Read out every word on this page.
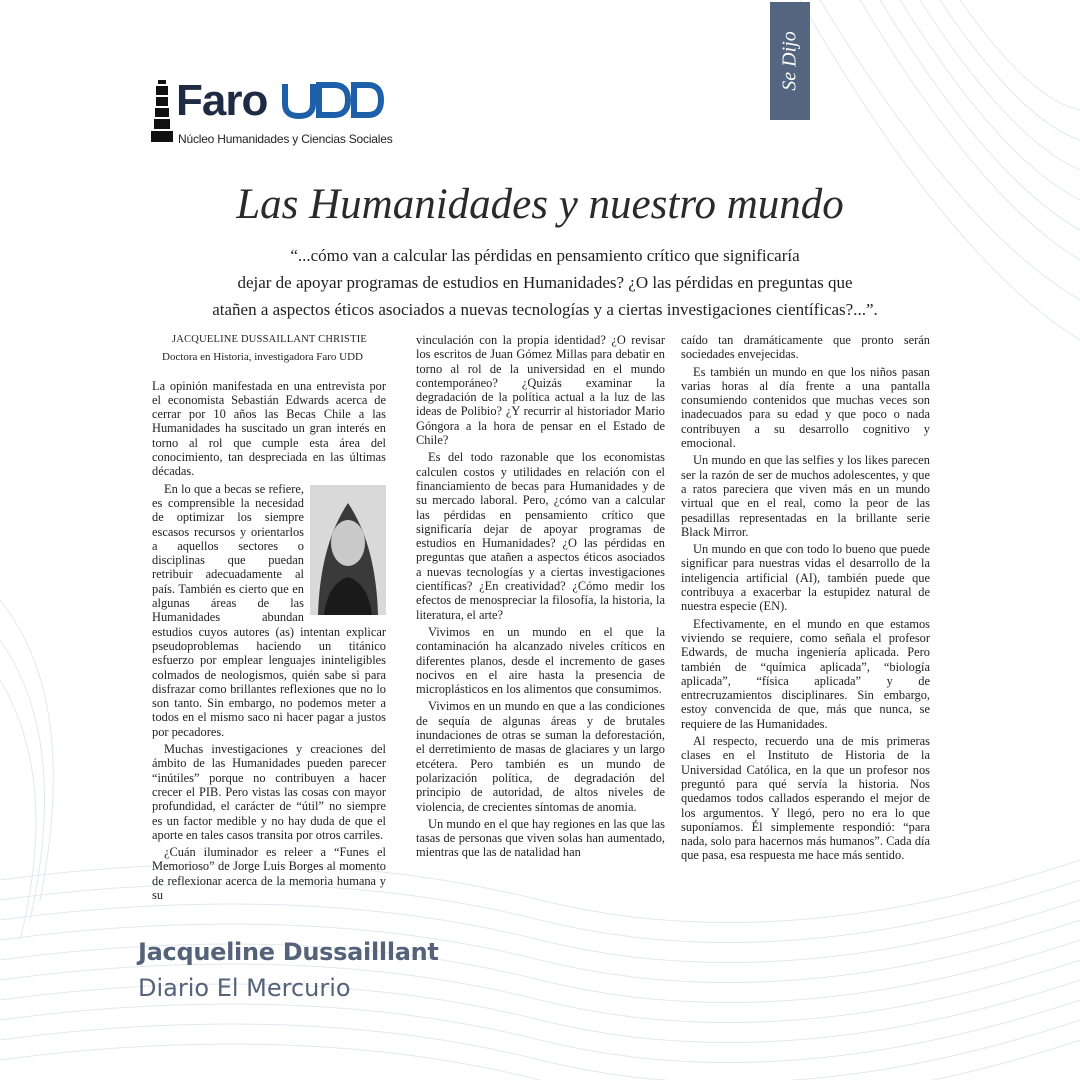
Faro
Núcleo Humanidades y Ciencias Sociales
Se Dijo
Las Humanidades y nuestro mundo
“...cómo van a calcular las pérdidas en pensamiento crítico que significaría
dejar de apoyar programas de estudios en Humanidades? ¿O las pérdidas en preguntas que
atañen a aspectos éticos asociados a nuevas tecnologías y a ciertas investigaciones científicas?...”.
JACQUELINE DUSSAILLANT CHRISTIE
Doctora en Historia, investigadora Faro UDD

La opinión manifestada en una entrevista por el economista Sebastián Edwards acerca de cerrar por 10 años las Becas Chile a las Humanidades ha suscitado un gran interés en torno al rol que cumple esta área del conocimiento, tan despreciada en las últimas décadas.

En lo que a becas se refiere, es comprensible la necesidad de optimizar los siempre escasos recursos y orientarlos a aquellos sectores o disciplinas que puedan retribuir adecuadamente al país. También es cierto que en algunas áreas de las Humanidades abundan estudios cuyos autores (as) intentan explicar pseudoproblemas haciendo un titánico esfuerzo por emplear lenguajes ininteligibles colmados de neologismos, quién sabe si para disfrazar como brillantes reflexiones que no lo son tanto. Sin embargo, no podemos meter a todos en el mismo saco ni hacer pagar a justos por pecadores.

Muchas investigaciones y creaciones del ámbito de las Humanidades pueden parecer “inútiles” porque no contribuyen a hacer crecer el PIB. Pero vistas las cosas con mayor profundidad, el carácter de “útil” no siempre es un factor medible y no hay duda de que el aporte en tales casos transita por otros carriles.

¿Cuán iluminador es releer a “Funes el Memorioso” de Jorge Luis Borges al momento de reflexionar acerca de la memoria humana y su

vinculación con la propia identidad? ¿O revisar los escritos de Juan Gómez Millas para debatir en torno al rol de la universidad en el mundo contemporáneo? ¿Quizás examinar la degradación de la política actual a la luz de las ideas de Polibio? ¿Y recurrir al historiador Mario Góngora a la hora de pensar en el Estado de Chile?

Es del todo razonable que los economistas calculen costos y utilidades en relación con el financiamiento de becas para Humanidades y de su mercado laboral. Pero, ¿cómo van a calcular las pérdidas en pensamiento crítico que significaría dejar de apoyar programas de estudios en Humanidades? ¿O las pérdidas en preguntas que atañen a aspectos éticos asociados a nuevas tecnologías y a ciertas investigaciones científicas? ¿En creatividad? ¿Cómo medir los efectos de menospreciar la filosofía, la historia, la literatura, el arte?

Vivimos en un mundo en el que la contaminación ha alcanzado niveles críticos en diferentes planos, desde el incremento de gases nocivos en el aire hasta la presencia de microplásticos en los alimentos que consumimos.

Vivimos en un mundo en que a las condiciones de sequía de algunas áreas y de brutales inundaciones de otras se suman la deforestación, el derretimiento de masas de glaciares y un largo etcétera. Pero también es un mundo de polarización política, de degradación del principio de autoridad, de altos niveles de violencia, de crecientes síntomas de anomia.

Un mundo en el que hay regiones en las que las tasas de personas que viven solas han aumentado, mientras que las de natalidad han

caído tan dramáticamente que pronto serán sociedades envejecidas.

Es también un mundo en que los niños pasan varias horas al día frente a una pantalla consumiendo contenidos que muchas veces son inadecuados para su edad y que poco o nada contribuyen a su desarrollo cognitivo y emocional.

Un mundo en que las selfies y los likes parecen ser la razón de ser de muchos adolescentes, y que a ratos pareciera que viven más en un mundo virtual que en el real, como la peor de las pesadillas representadas en la brillante serie Black Mirror.

Un mundo en que con todo lo bueno que puede significar para nuestras vidas el desarrollo de la inteligencia artificial (AI), también puede que contribuya a exacerbar la estupidez natural de nuestra especie (EN).

Efectivamente, en el mundo en que estamos viviendo se requiere, como señala el profesor Edwards, de mucha ingeniería aplicada. Pero también de “química aplicada”, “biología aplicada”, “física aplicada” y de entrecruzamientos disciplinares. Sin embargo, estoy convencida de que, más que nunca, se requiere de las Humanidades.

Al respecto, recuerdo una de mis primeras clases en el Instituto de Historia de la Universidad Católica, en la que un profesor nos preguntó para qué servía la historia. Nos quedamos todos callados esperando el mejor de los argumentos. Y llegó, pero no era lo que suponíamos. Él simplemente respondió: “para nada, solo para hacernos más humanos”. Cada día que pasa, esa respuesta me hace más sentido.

Jacqueline Dussailllant
Diario El Mercurio
